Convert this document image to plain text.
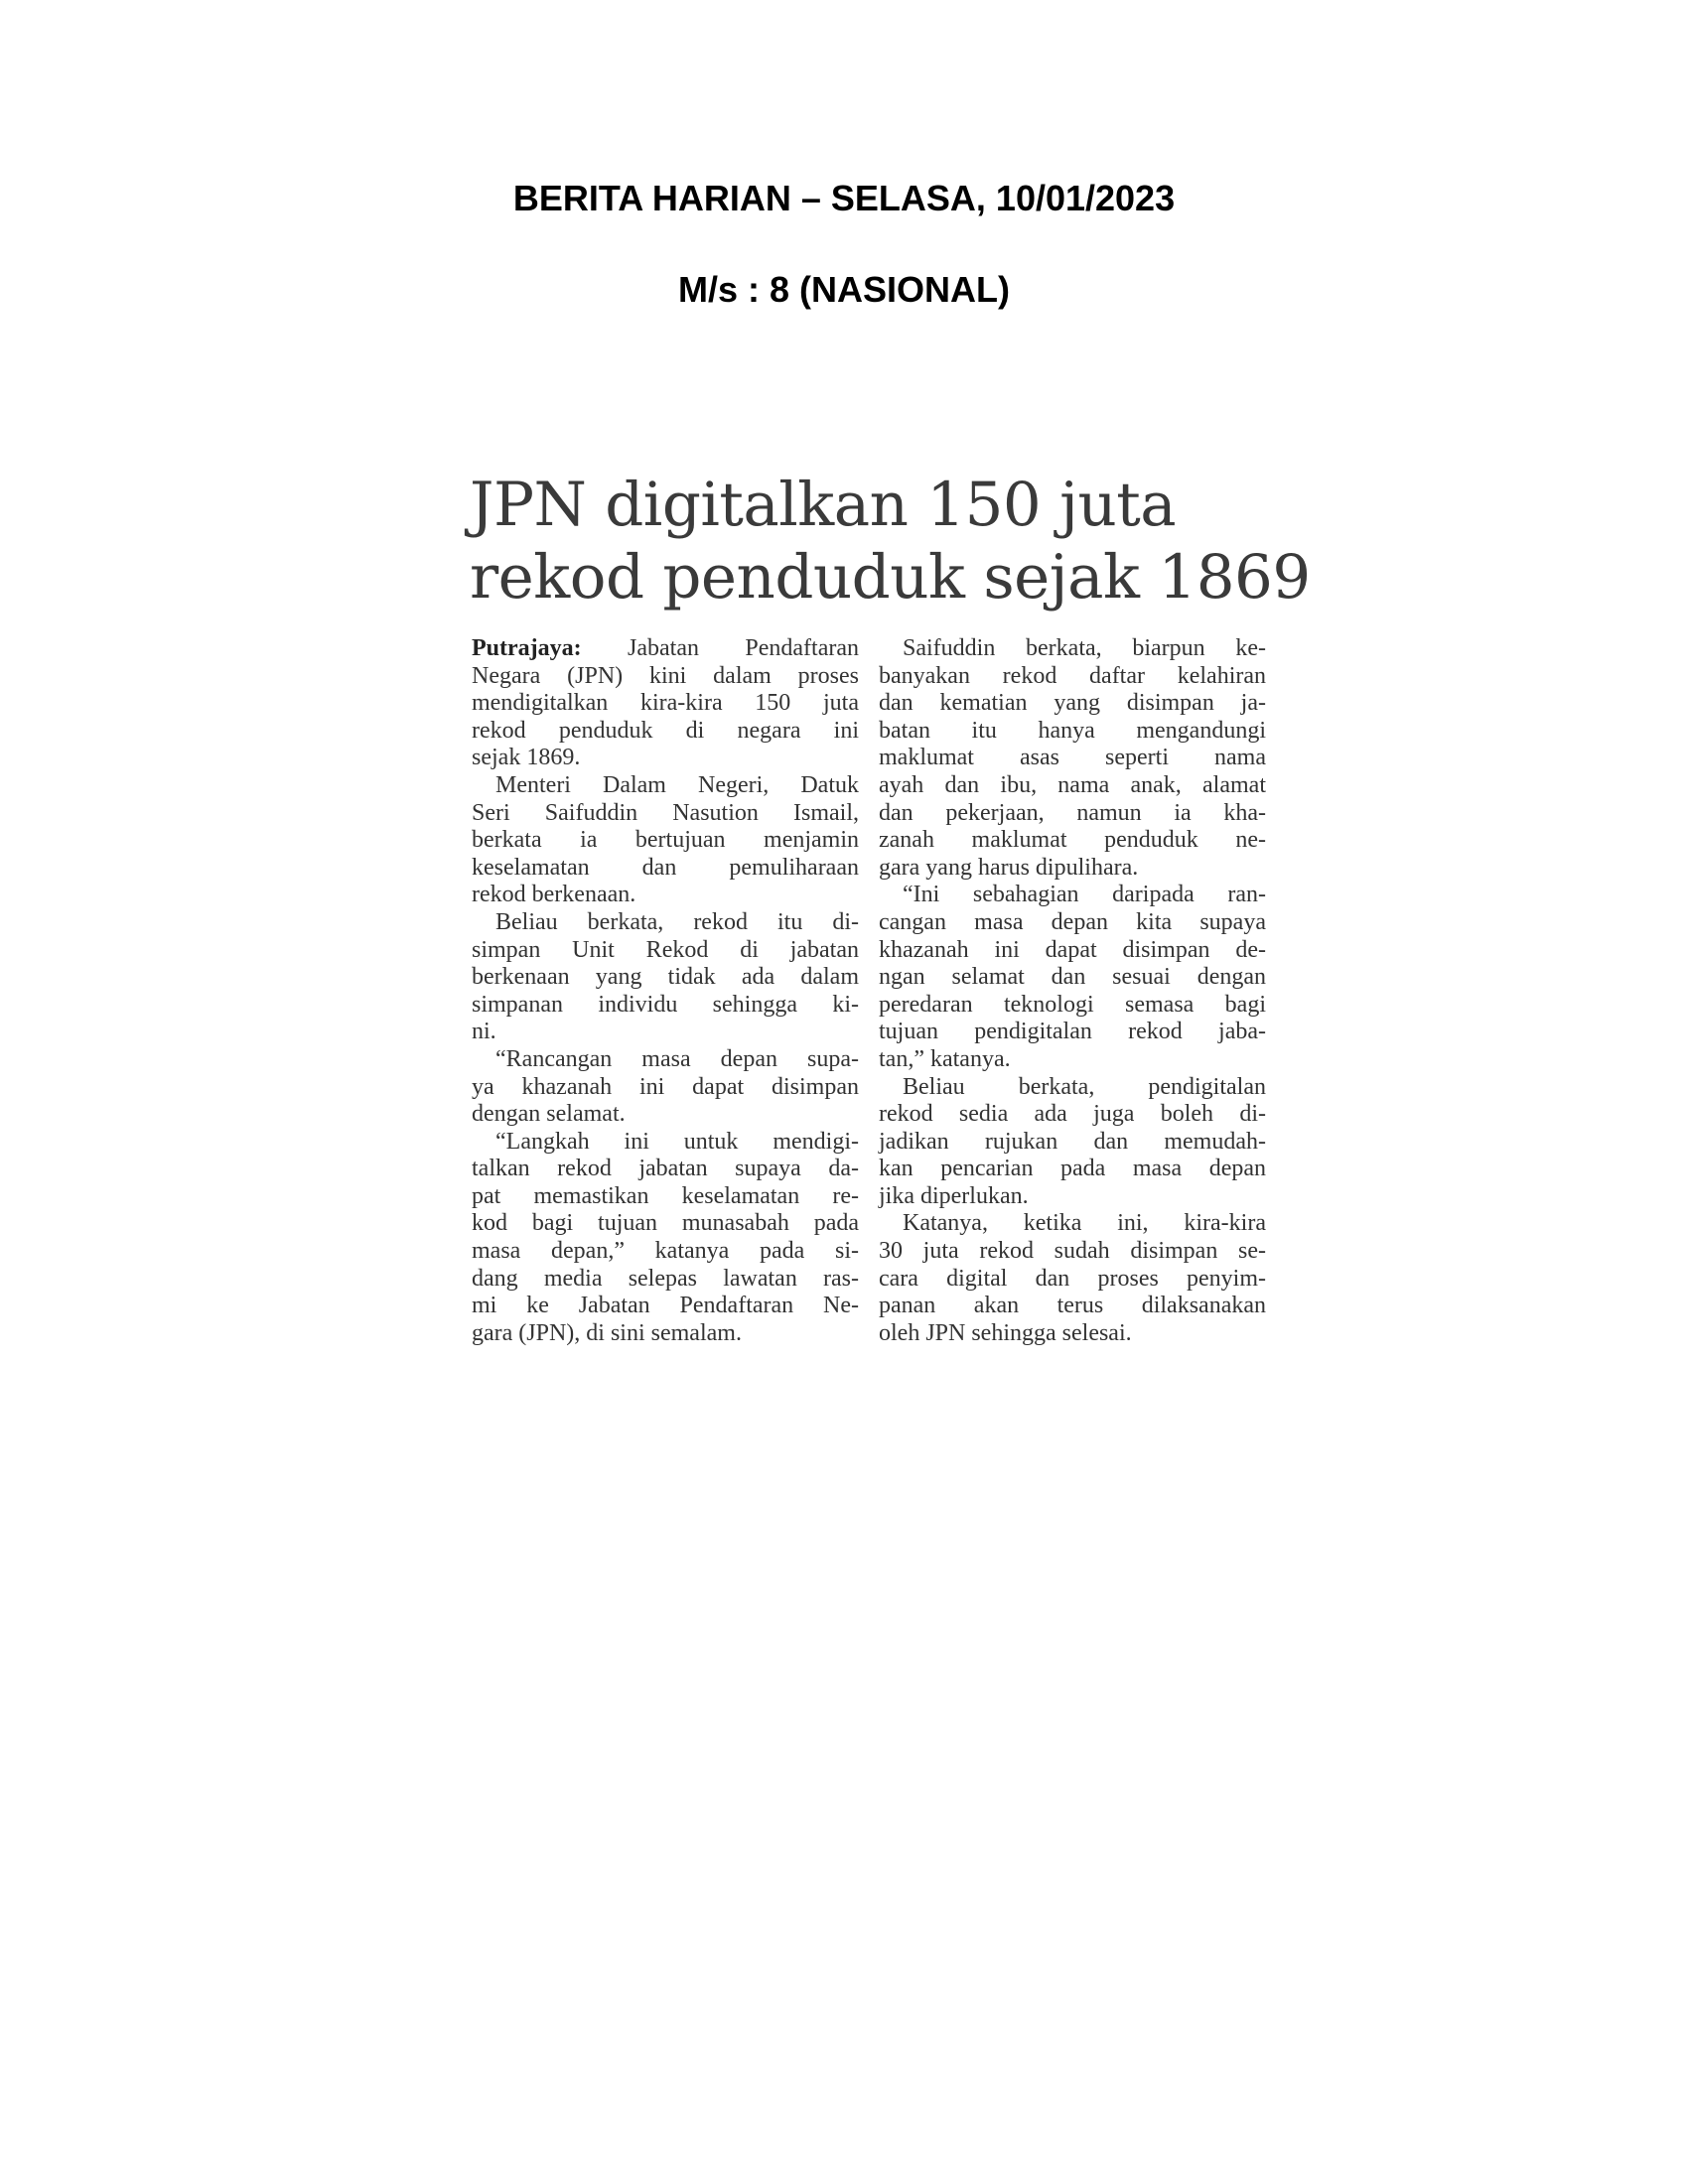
BERITA HARIAN – SELASA, 10/01/2023
M/s : 8 (NASIONAL)
JPN digitalkan 150 juta
rekod penduduk sejak 1869
Putrajaya: Jabatan Pendaftaran
Negara (JPN) kini dalam proses
mendigitalkan kira-kira 150 juta
rekod penduduk di negara ini
sejak 1869.
Menteri Dalam Negeri, Datuk
Seri Saifuddin Nasution Ismail,
berkata ia bertujuan menjamin
keselamatan dan pemuliharaan
rekod berkenaan.
Beliau berkata, rekod itu di-
simpan Unit Rekod di jabatan
berkenaan yang tidak ada dalam
simpanan individu sehingga ki-
ni.
“Rancangan masa depan supa-
ya khazanah ini dapat disimpan
dengan selamat.
“Langkah ini untuk mendigi-
talkan rekod jabatan supaya da-
pat memastikan keselamatan re-
kod bagi tujuan munasabah pada
masa depan,” katanya pada si-
dang media selepas lawatan ras-
mi ke Jabatan Pendaftaran Ne-
gara (JPN), di sini semalam.
Saifuddin berkata, biarpun ke-
banyakan rekod daftar kelahiran
dan kematian yang disimpan ja-
batan itu hanya mengandungi
maklumat asas seperti nama
ayah dan ibu, nama anak, alamat
dan pekerjaan, namun ia kha-
zanah maklumat penduduk ne-
gara yang harus dipulihara.
“Ini sebahagian daripada ran-
cangan masa depan kita supaya
khazanah ini dapat disimpan de-
ngan selamat dan sesuai dengan
peredaran teknologi semasa bagi
tujuan pendigitalan rekod jaba-
tan,” katanya.
Beliau berkata, pendigitalan
rekod sedia ada juga boleh di-
jadikan rujukan dan memudah-
kan pencarian pada masa depan
jika diperlukan.
Katanya, ketika ini, kira-kira
30 juta rekod sudah disimpan se-
cara digital dan proses penyim-
panan akan terus dilaksanakan
oleh JPN sehingga selesai.
